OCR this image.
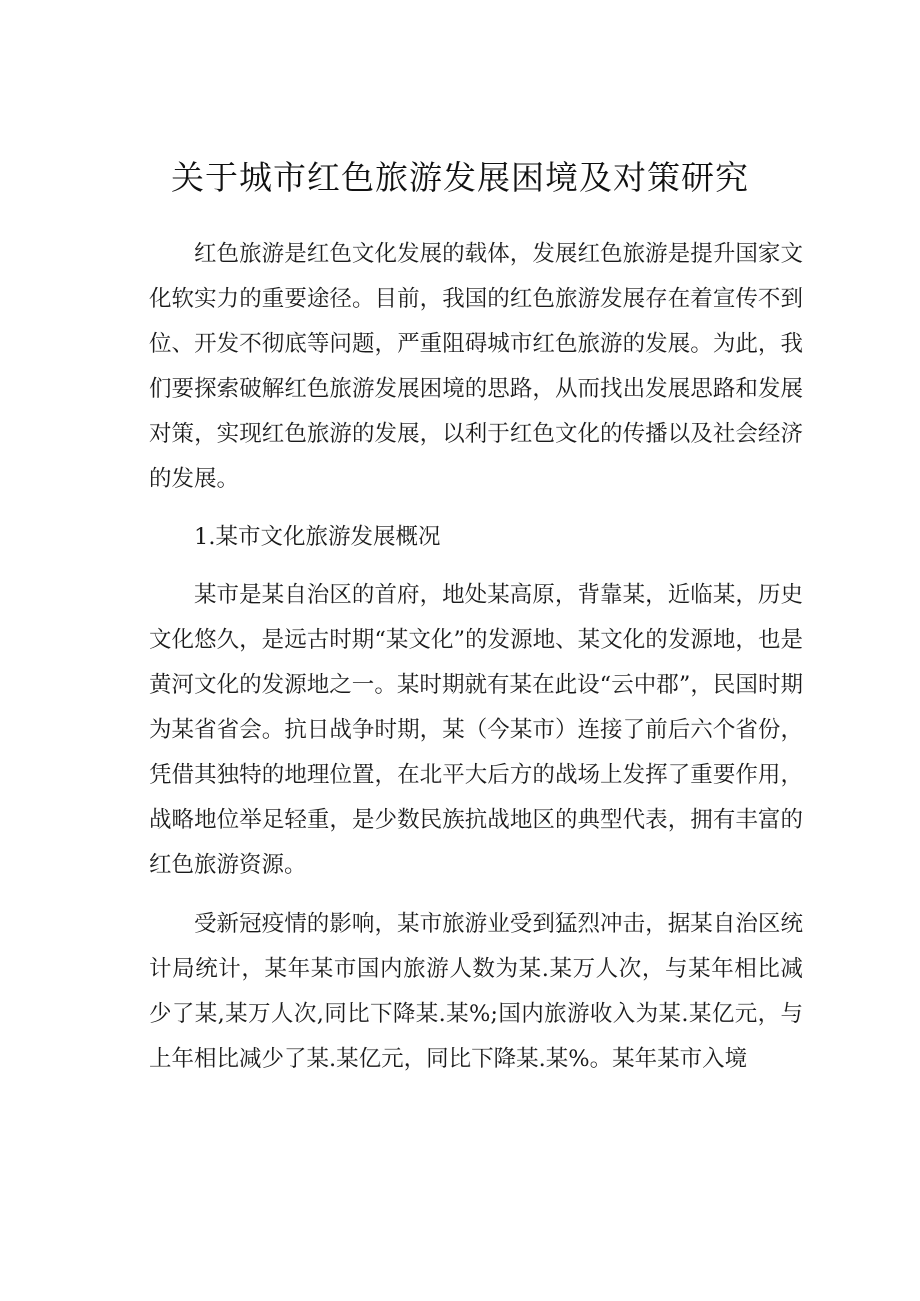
关于城市红色旅游发展困境及对策研究

红色旅游是红色文化发展的载体，发展红色旅游是提升国家文化软实力的重要途径。目前，我国的红色旅游发展存在着宣传不到位、开发不彻底等问题，严重阻碍城市红色旅游的发展。为此，我们要探索破解红色旅游发展困境的思路，从而找出发展思路和发展对策，实现红色旅游的发展，以利于红色文化的传播以及社会经济的发展。

1.某市文化旅游发展概况

某市是某自治区的首府，地处某高原，背靠某，近临某，历史文化悠久，是远古时期“某文化”的发源地、某文化的发源地，也是黄河文化的发源地之一。某时期就有某在此设“云中郡”，民国时期为某省省会。抗日战争时期，某（今某市）连接了前后六个省份，凭借其独特的地理位置，在北平大后方的战场上发挥了重要作用，战略地位举足轻重，是少数民族抗战地区的典型代表，拥有丰富的红色旅游资源。

受新冠疫情的影响，某市旅游业受到猛烈冲击，据某自治区统计局统计，某年某市国内旅游人数为某.某万人次，与某年相比减少了某,某万人次,同比下降某.某%;国内旅游收入为某.某亿元，与上年相比减少了某.某亿元，同比下降某.某%。某年某市入境
